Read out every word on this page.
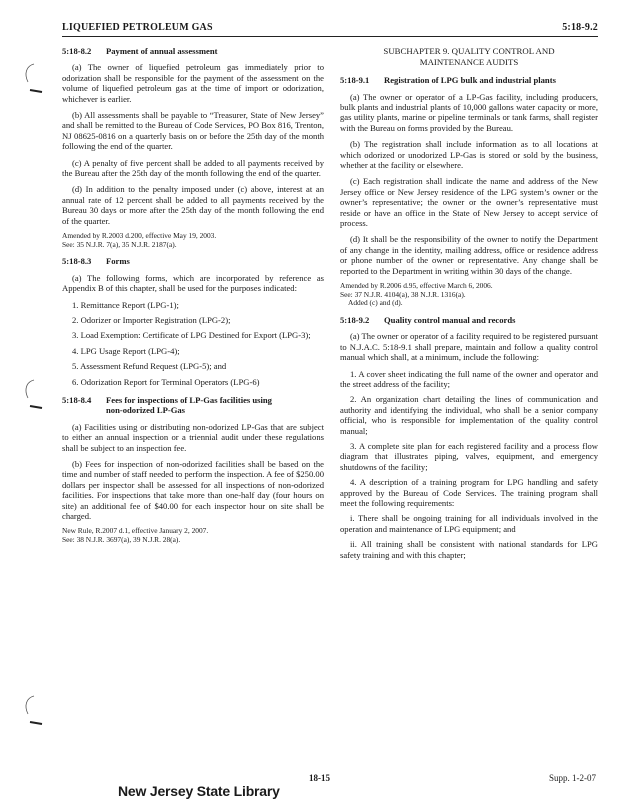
LIQUEFIED PETROLEUM GAS	5:18-9.2
5:18-8.2	Payment of annual assessment

(a) The owner of liquefied petroleum gas immediately prior to odorization shall be responsible for the payment of the assessment on the volume of liquefied petroleum gas at the time of import or odorization, whichever is earlier.

(b) All assessments shall be payable to “Treasurer, State of New Jersey” and shall be remitted to the Bureau of Code Services, PO Box 816, Trenton, NJ 08625-0816 on a quarterly basis on or before the 25th day of the month following the end of the quarter.

(c) A penalty of five percent shall be added to all payments received by the Bureau after the 25th day of the month following the end of the quarter.

(d) In addition to the penalty imposed under (c) above, interest at an annual rate of 12 percent shall be added to all payments received by the Bureau 30 days or more after the 25th day of the month following the end of the quarter.

Amended by R.2003 d.200, effective May 19, 2003.
See: 35 N.J.R. 7(a), 35 N.J.R. 2187(a).
5:18-8.3	Forms

(a) The following forms, which are incorporated by reference as Appendix B of this chapter, shall be used for the purposes indicated:

1. Remittance Report (LPG-1);

2. Odorizer or Importer Registration (LPG-2);

3. Load Exemption: Certificate of LPG Destined for Export (LPG-3);

4. LPG Usage Report (LPG-4);

5. Assessment Refund Request (LPG-5); and

6. Odorization Report for Terminal Operators (LPG-6)

5:18-8.4	Fees for inspections of LP-Gas facilities using
non-odorized LP-Gas

(a) Facilities using or distributing non-odorized LP-Gas that are subject to either an annual inspection or a triennial audit under these regulations shall be subject to an inspection fee.

(b) Fees for inspection of non-odorized facilities shall be based on the time and number of staff needed to perform the inspection. A fee of $250.00 dollars per inspector shall be assessed for all inspections of non-odorized facilities. For inspections that take more than one-half day (four hours on site) an additional fee of $40.00 for each inspector hour on site shall be charged.

New Rule, R.2007 d.1, effective January 2, 2007.
See: 38 N.J.R. 3697(a), 39 N.J.R. 28(a).
SUBCHAPTER 9. QUALITY CONTROL AND
MAINTENANCE AUDITS
5:18-9.1	Registration of LPG bulk and industrial plants

(a) The owner or operator of a LP-Gas facility, including producers, bulk plants and industrial plants of 10,000 gallons water capacity or more, gas utility plants, marine or pipeline terminals or tank farms, shall register with the Bureau on forms provided by the Bureau.

(b) The registration shall include information as to all locations at which odorized or unodorized LP-Gas is stored or sold by the business, whether at the facility or elsewhere.

(c) Each registration shall indicate the name and address of the New Jersey office or New Jersey residence of the LPG system’s owner or the owner’s representative; the owner or the owner’s representative must reside or have an office in the State of New Jersey to accept service of process.

(d) It shall be the responsibility of the owner to notify the Department of any change in the identity, mailing address, office or residence address or phone number of the owner or representative. Any change shall be reported to the Department in writing within 30 days of the change.

Amended by R.2006 d.95, effective March 6, 2006.
See: 37 N.J.R. 4104(a), 38 N.J.R. 1316(a).
Added (c) and (d).
5:18-9.2	Quality control manual and records

(a) The owner or operator of a facility required to be registered pursuant to N.J.A.C. 5:18-9.1 shall prepare, maintain and follow a quality control manual which shall, at a minimum, include the following:

1. A cover sheet indicating the full name of the owner and operator and the street address of the facility;

2. An organization chart detailing the lines of communication and authority and identifying the individual, who shall be a senior company official, who is responsible for implementation of the quality control manual;

3. A complete site plan for each registered facility and a process flow diagram that illustrates piping, valves, equipment, and emergency shutdowns of the facility;

4. A description of a training program for LPG handling and safety approved by the Bureau of Code Services. The training program shall meet the following requirements:

i. There shall be ongoing training for all individuals involved in the operation and maintenance of LPG equipment; and

ii. All training shall be consistent with national standards for LPG safety training and with this chapter;

18-15	Supp. 1-2-07
New Jersey State Library
